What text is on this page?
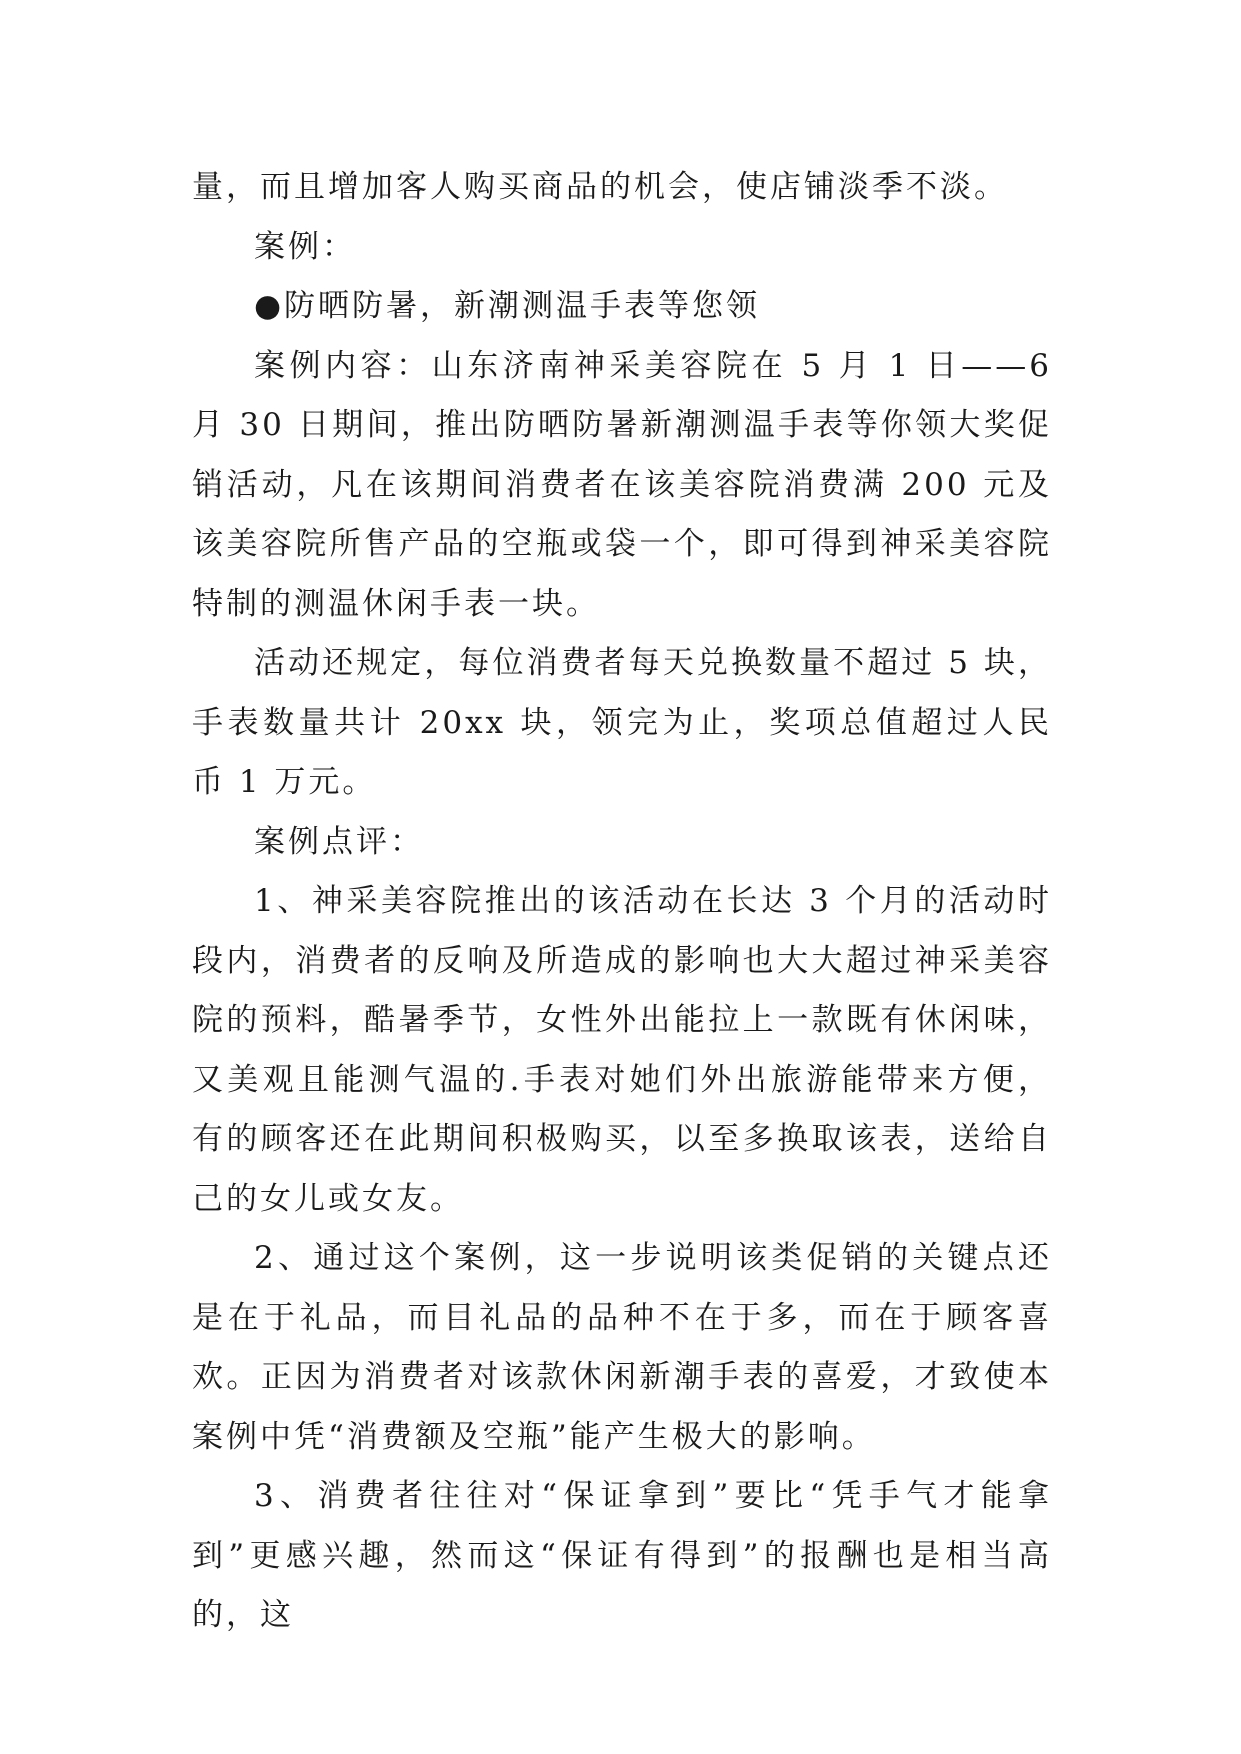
量，而且增加客人购买商品的机会，使店铺淡季不淡。

案例：

●防晒防暑，新潮测温手表等您领

案例内容：山东济南神采美容院在 5 月 1 日——6 月 30 日期间，推出防晒防暑新潮测温手表等你领大奖促销活动，凡在该期间消费者在该美容院消费满 200 元及该美容院所售产品的空瓶或袋一个，即可得到神采美容院特制的测温休闲手表一块。

活动还规定，每位消费者每天兑换数量不超过 5 块，手表数量共计 20xx 块，领完为止，奖项总值超过人民币 1 万元。

案例点评：

1、神采美容院推出的该活动在长达 3 个月的活动时段内，消费者的反响及所造成的影响也大大超过神采美容院的预料，酷暑季节，女性外出能拉上一款既有休闲味，又美观且能测气温的.手表对她们外出旅游能带来方便，有的顾客还在此期间积极购买，以至多换取该表，送给自己的女儿或女友。

2、通过这个案例，这一步说明该类促销的关键点还是在于礼品，而目礼品的品种不在于多，而在于顾客喜欢。正因为消费者对该款休闲新潮手表的喜爱，才致使本案例中凭“消费额及空瓶”能产生极大的影响。

3、消费者往往对“保证拿到”要比“凭手气才能拿到”更感兴趣，然而这“保证有得到”的报酬也是相当高的，这
